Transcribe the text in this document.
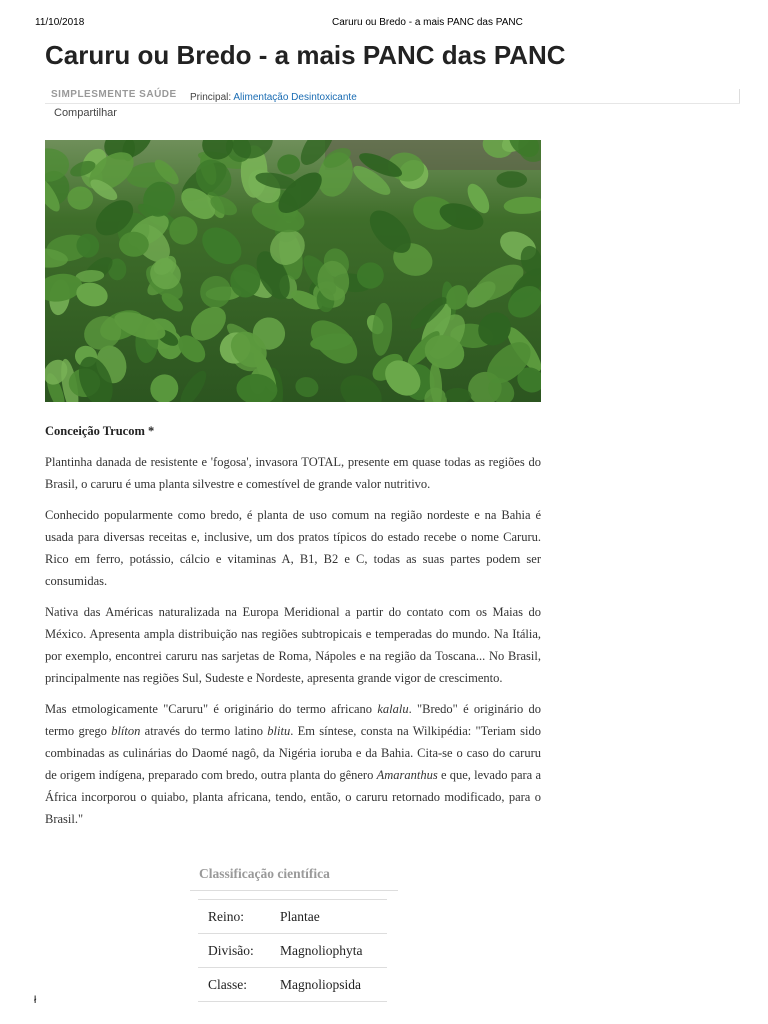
11/10/2018	Caruru ou Bredo - a mais PANC das PANC
Caruru ou Bredo - a mais PANC das PANC
SIMPLESMENTE SAÚDE Principal: Alimentação Desintoxicante
Compartilhar

Conceição Trucom *

Plantinha danada de resistente e 'fogosa', invasora TOTAL, presente em quase todas as regiões do Brasil, o caruru é uma planta silvestre e comestível de grande valor nutritivo.

Conhecido popularmente como bredo, é planta de uso comum na região nordeste e na Bahia é usada para diversas receitas e, inclusive, um dos pratos típicos do estado recebe o nome Caruru. Rico em ferro, potássio, cálcio e vitaminas A, B1, B2 e C, todas as suas partes podem ser consumidas.

Nativa das Américas naturalizada na Europa Meridional a partir do contato com os Maias do México. Apresenta ampla distribuição nas regiões subtropicais e temperadas do mundo. Na Itália, por exemplo, encontrei caruru nas sarjetas de Roma, Nápoles e na região da Toscana... No Brasil, principalmente nas regiões Sul, Sudeste e Nordeste, apresenta grande vigor de crescimento.

Mas etmologicamente "Caruru" é originário do termo africano kalalu. "Bredo" é originário do termo grego blíton através do termo latino blitu. Em síntese, consta na Wilkipédia: "Teriam sido combinadas as culinárias do Daomé nagô, da Nigéria ioruba e da Bahia. Cita-se o caso do caruru de origem indígena, preparado com bredo, outra planta do gênero Amaranthus e que, levado para a África incorporou o quiabo, planta africana, tendo, então, o caruru retornado modificado, para o Brasil."

Classificação científica
Reino:	Plantae
Divisão:	Magnoliophyta
Classe:	Magnoliopsida
ł
